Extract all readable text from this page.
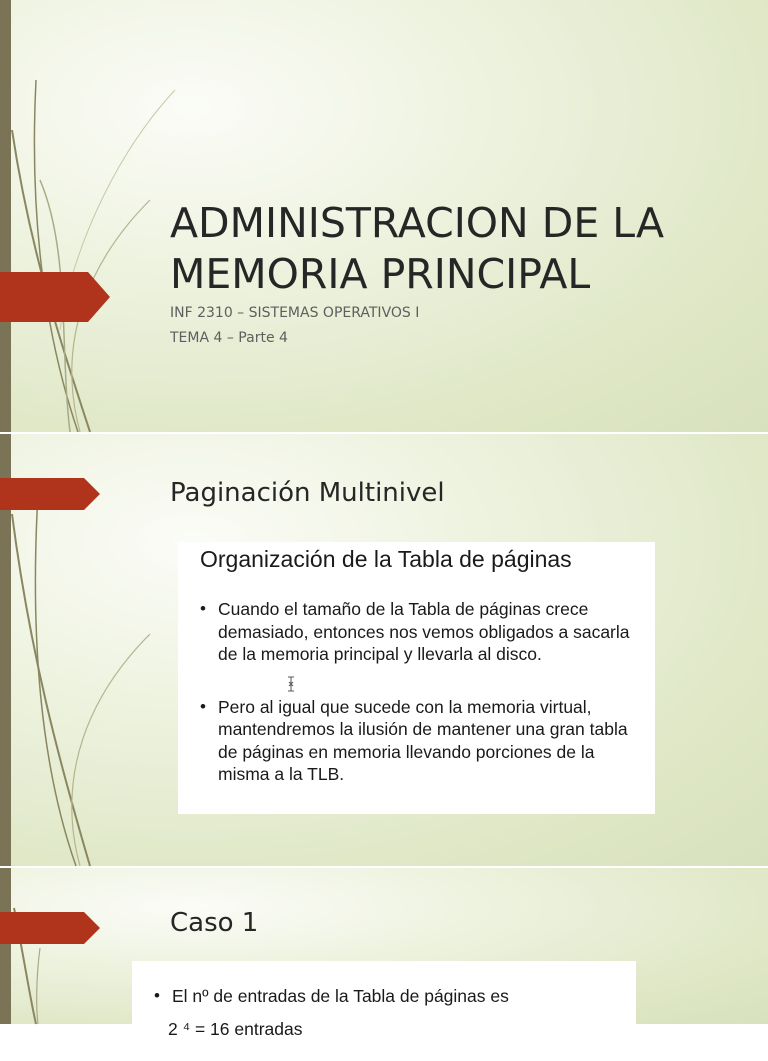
ADMINISTRACION DE LA MEMORIA PRINCIPAL

INF 2310 – SISTEMAS OPERATIVOS I

TEMA 4 – Parte 4

Paginación Multinivel
Organización de la Tabla de páginas
• Cuando el tamaño de la Tabla de páginas crece demasiado, entonces nos vemos obligados a sacarla de la memoria principal y llevarla al disco.
• Pero al igual que sucede con la memoria virtual, mantendremos la ilusión de mantener una gran tabla de páginas en memoria llevando porciones de la misma a la TLB.
Caso 1
• El nº de entradas de la Tabla de páginas es
2 ⁴ = 16 entradas
